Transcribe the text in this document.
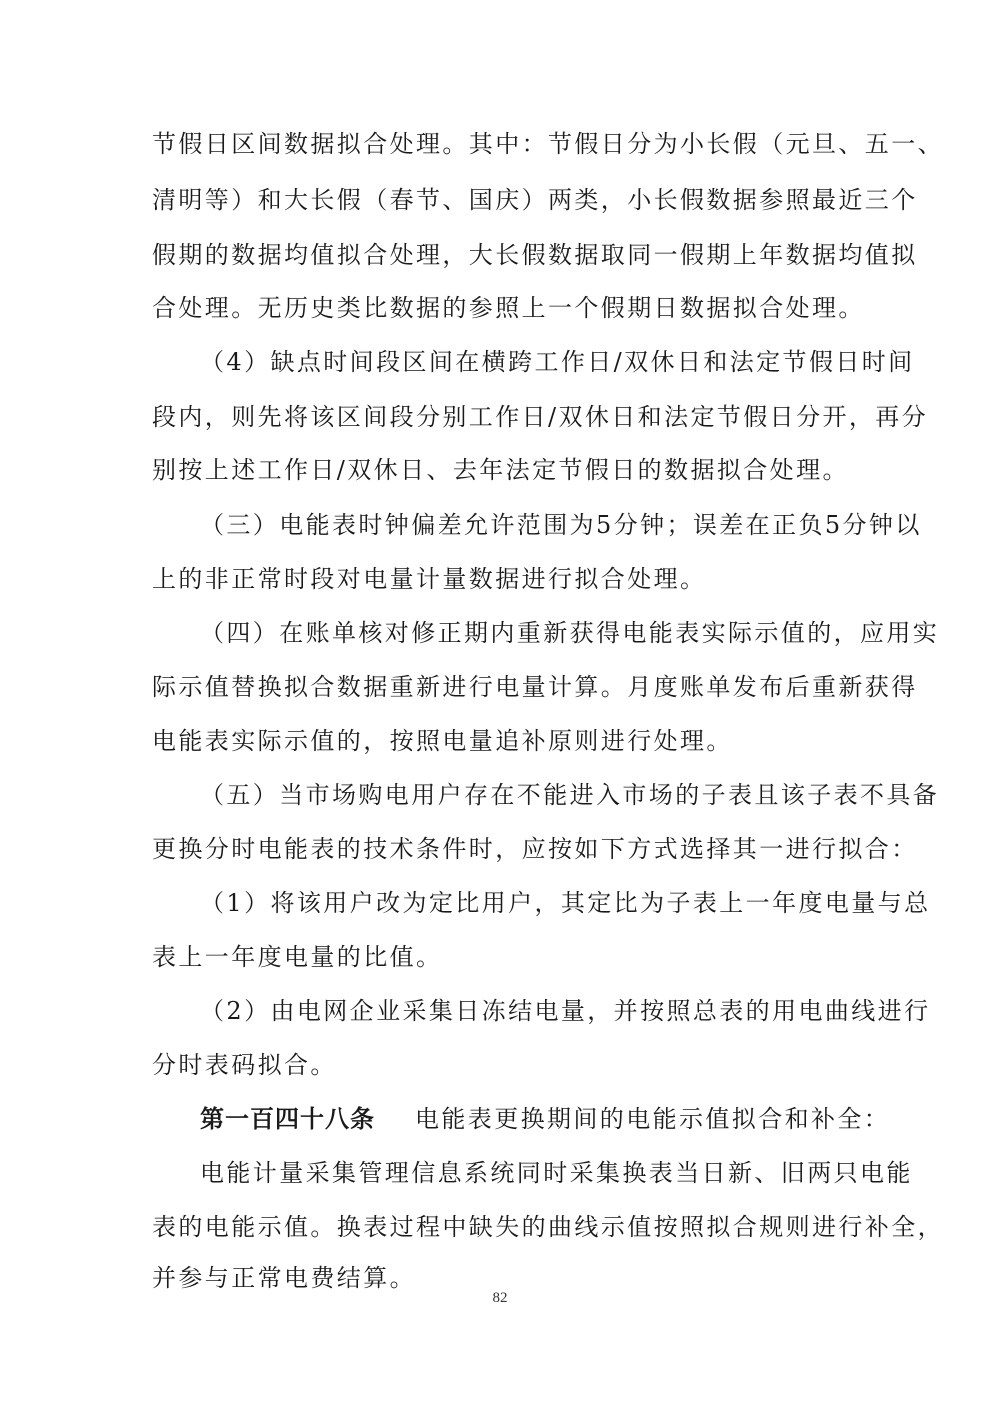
节假日区间数据拟合处理。其中：节假日分为小长假（元旦、五一、
清明等）和大长假（春节、国庆）两类，小长假数据参照最近三个
假期的数据均值拟合处理，大长假数据取同一假期上年数据均值拟
合处理。无历史类比数据的参照上一个假期日数据拟合处理。
（4）缺点时间段区间在横跨工作日/双休日和法定节假日时间
段内，则先将该区间段分别工作日/双休日和法定节假日分开，再分
别按上述工作日/双休日、去年法定节假日的数据拟合处理。
（三）电能表时钟偏差允许范围为5分钟；误差在正负5分钟以
上的非正常时段对电量计量数据进行拟合处理。
（四）在账单核对修正期内重新获得电能表实际示值的，应用实
际示值替换拟合数据重新进行电量计算。月度账单发布后重新获得
电能表实际示值的，按照电量追补原则进行处理。
（五）当市场购电用户存在不能进入市场的子表且该子表不具备
更换分时电能表的技术条件时，应按如下方式选择其一进行拟合：
（1）将该用户改为定比用户，其定比为子表上一年度电量与总
表上一年度电量的比值。
（2）由电网企业采集日冻结电量，并按照总表的用电曲线进行
分时表码拟合。
第一百四十八条 电能表更换期间的电能示值拟合和补全：
电能计量采集管理信息系统同时采集换表当日新、旧两只电能
表的电能示值。换表过程中缺失的曲线示值按照拟合规则进行补全，
并参与正常电费结算。
82
